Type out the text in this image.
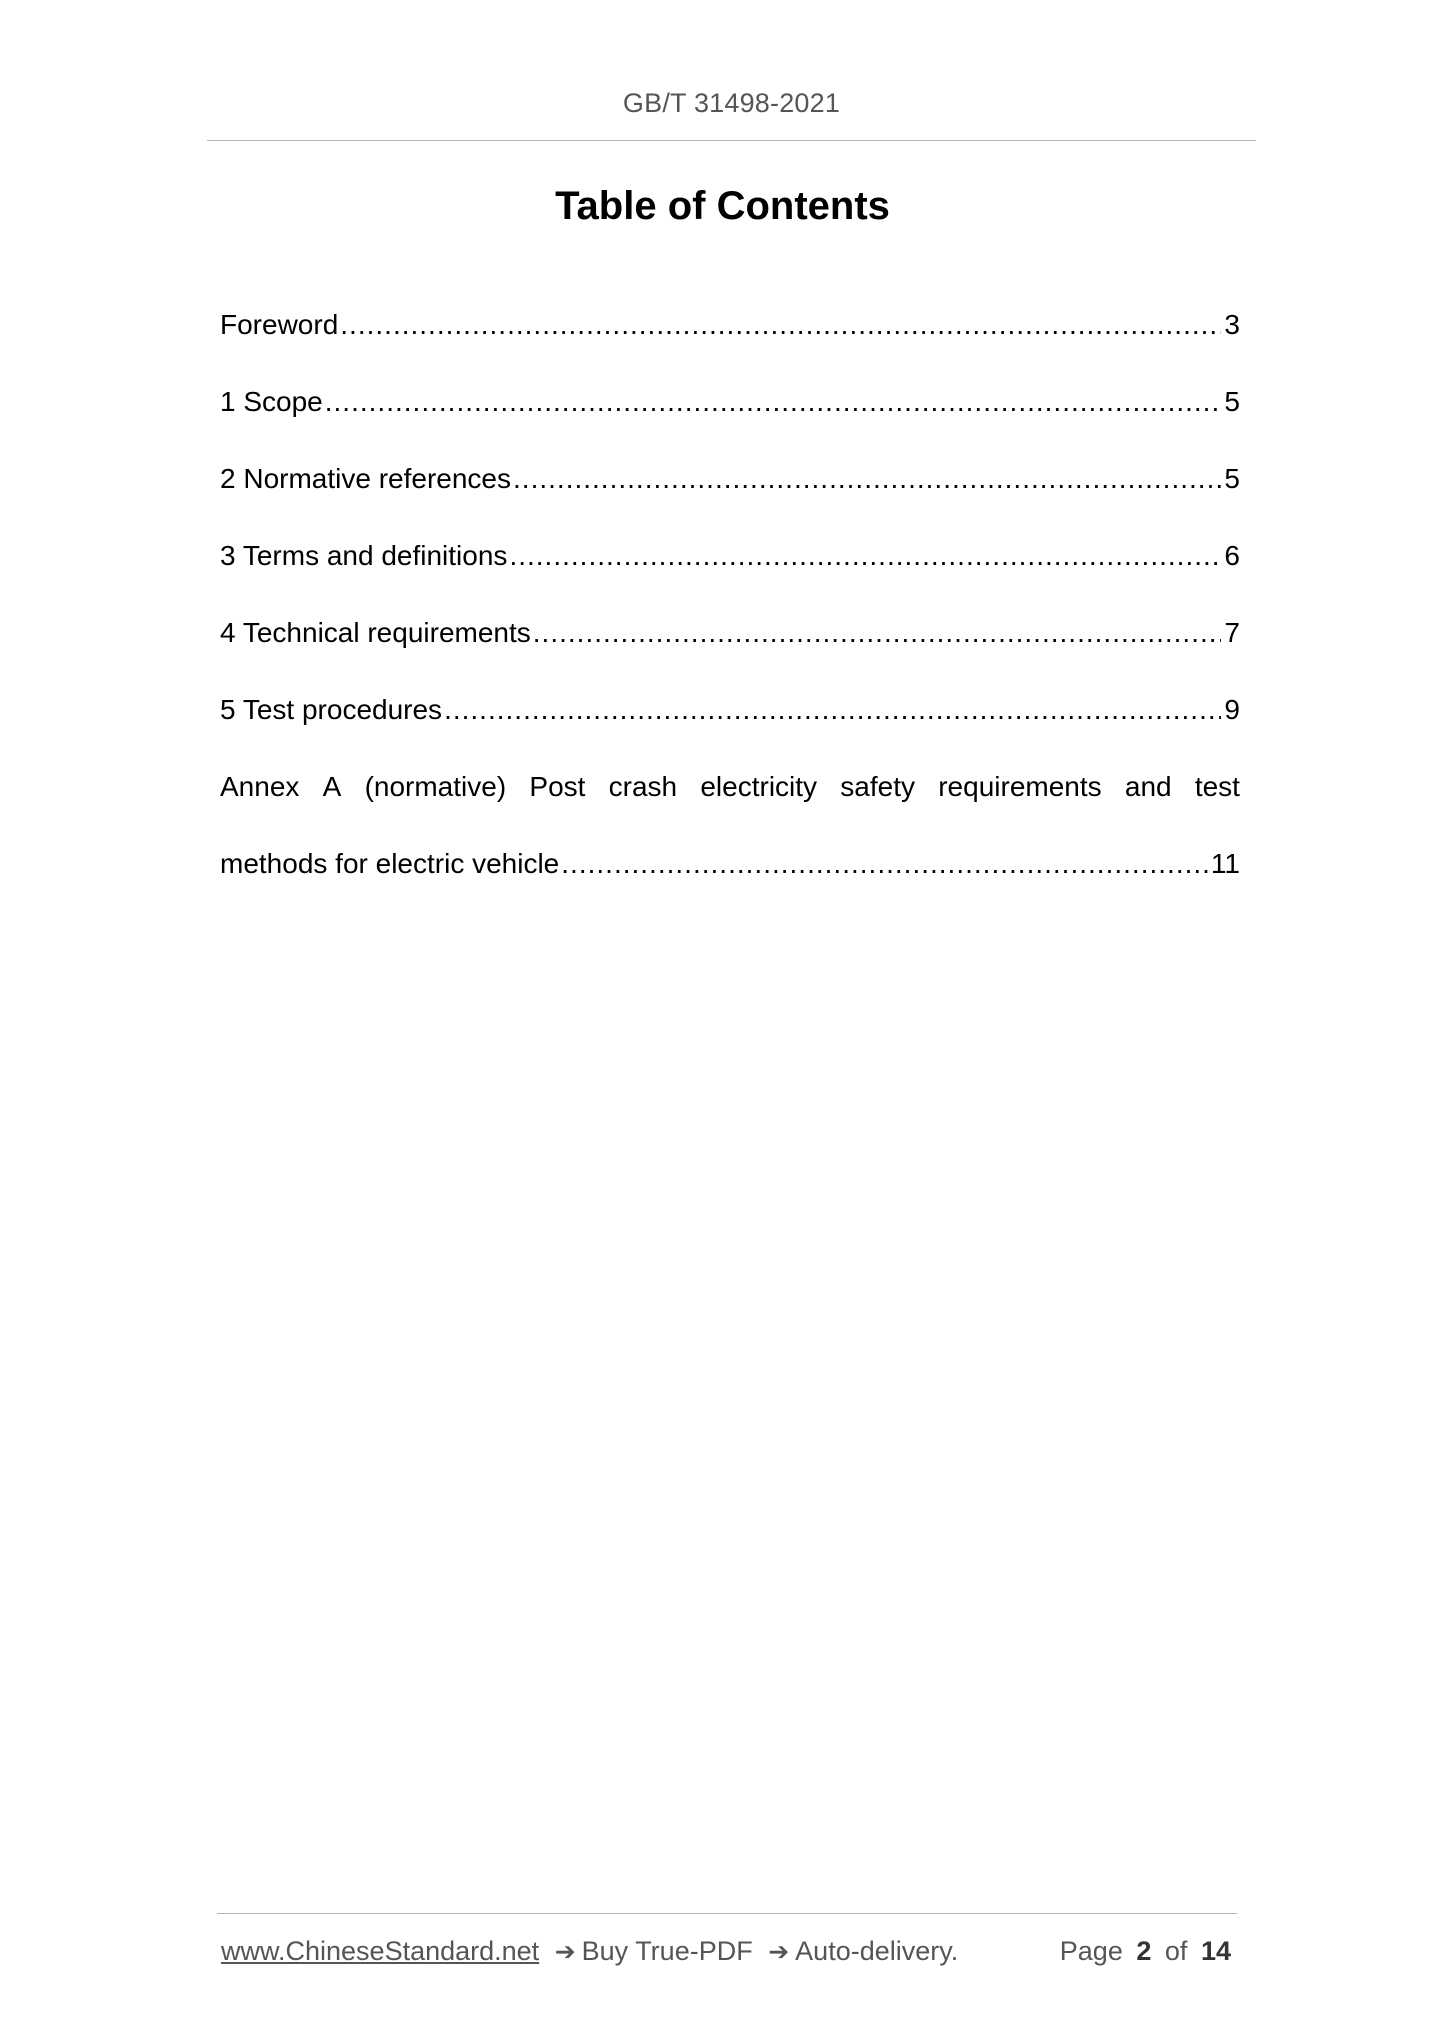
GB/T 31498-2021
Table of Contents
Foreword .....	3
1 Scope .....	5
2 Normative references .....	5
3 Terms and definitions .....	6
4 Technical requirements .....	7
5 Test procedures .....	9
Annex A (normative) Post crash electricity safety requirements and test
methods for electric vehicle .....	11
www.ChineseStandard.net ➔ Buy True-PDF ➔ Auto-delivery.	Page 2 of 14
